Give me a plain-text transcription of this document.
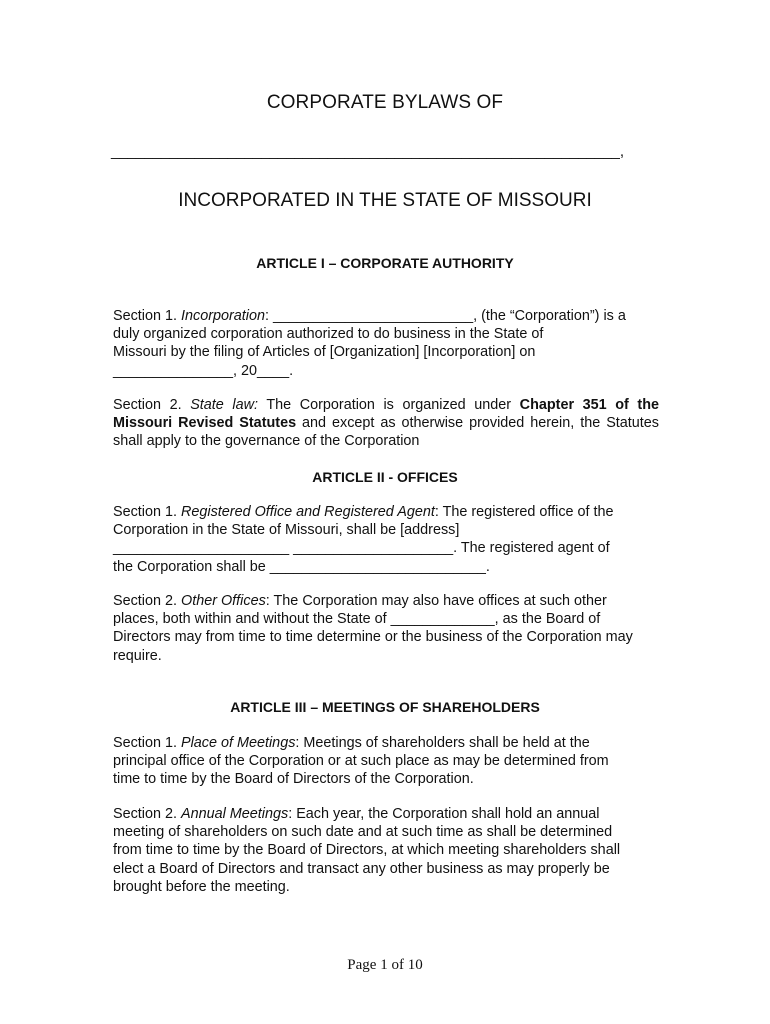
CORPORATE BYLAWS OF
_____________________________________________________________,
INCORPORATED IN THE STATE OF MISSOURI
ARTICLE I – CORPORATE AUTHORITY
Section 1. Incorporation: _________________________, (the “Corporation”) is a
duly organized corporation authorized to do business in the State of
Missouri by the filing of Articles of [Organization] [Incorporation] on
_______________, 20____.
Section 2. State law: The Corporation is organized under Chapter 351 of the Missouri Revised Statutes and except as otherwise provided herein, the Statutes shall apply to the governance of the Corporation
ARTICLE II - OFFICES
Section 1. Registered Office and Registered Agent: The registered office of the
Corporation in the State of Missouri, shall be [address]
______________________ ____________________. The registered agent of
the Corporation shall be ___________________________.
Section 2. Other Offices: The Corporation may also have offices at such other
places, both within and without the State of _____________, as the Board of
Directors may from time to time determine or the business of the Corporation may
require.
ARTICLE III – MEETINGS OF SHAREHOLDERS
Section 1. Place of Meetings: Meetings of shareholders shall be held at the
principal office of the Corporation or at such place as may be determined from
time to time by the Board of Directors of the Corporation.
Section 2. Annual Meetings: Each year, the Corporation shall hold an annual
meeting of shareholders on such date and at such time as shall be determined
from time to time by the Board of Directors, at which meeting shareholders shall
elect a Board of Directors and transact any other business as may properly be
brought before the meeting.
Page 1 of 10
